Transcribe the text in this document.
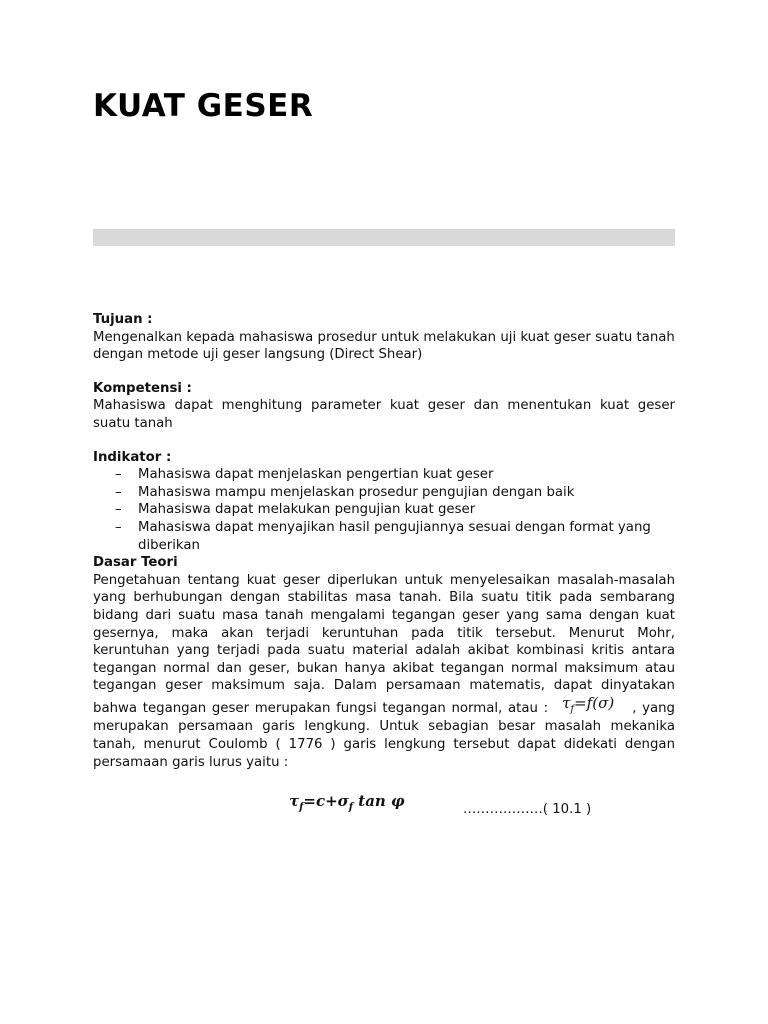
KUAT GESER

Tujuan :

Mengenalkan kepada mahasiswa prosedur untuk melakukan uji kuat geser suatu tanah dengan metode uji geser langsung (Direct Shear)

Kompetensi :

Mahasiswa dapat menghitung parameter kuat geser dan menentukan kuat geser suatu tanah

Indikator :

– Mahasiswa dapat menjelaskan pengertian kuat geser
– Mahasiswa mampu menjelaskan prosedur pengujian dengan baik
– Mahasiswa dapat melakukan pengujian kuat geser
– Mahasiswa dapat menyajikan hasil pengujiannya sesuai dengan format yang diberikan

Dasar Teori

Pengetahuan tentang kuat geser diperlukan untuk menyelesaikan masalah-masalah yang berhubungan dengan stabilitas masa tanah. Bila suatu titik pada sembarang bidang dari suatu masa tanah mengalami tegangan geser yang sama dengan kuat gesernya, maka akan terjadi keruntuhan pada titik tersebut. Menurut Mohr, keruntuhan yang terjadi pada suatu material adalah akibat kombinasi kritis antara tegangan normal dan geser, bukan hanya akibat tegangan normal maksimum atau tegangan geser maksimum saja. Dalam persamaan matematis, dapat dinyatakan bahwa tegangan geser merupakan fungsi tegangan normal, atau : $\tau_f=f(\sigma)$ , yang merupakan persamaan garis lengkung. Untuk sebagian besar masalah mekanika tanah, menurut Coulomb ( 1776 ) garis lengkung tersebut dapat didekati dengan persamaan garis lurus yaitu :

$\tau_f=c+\sigma_f$ tan φ	………………( 10.1 )
